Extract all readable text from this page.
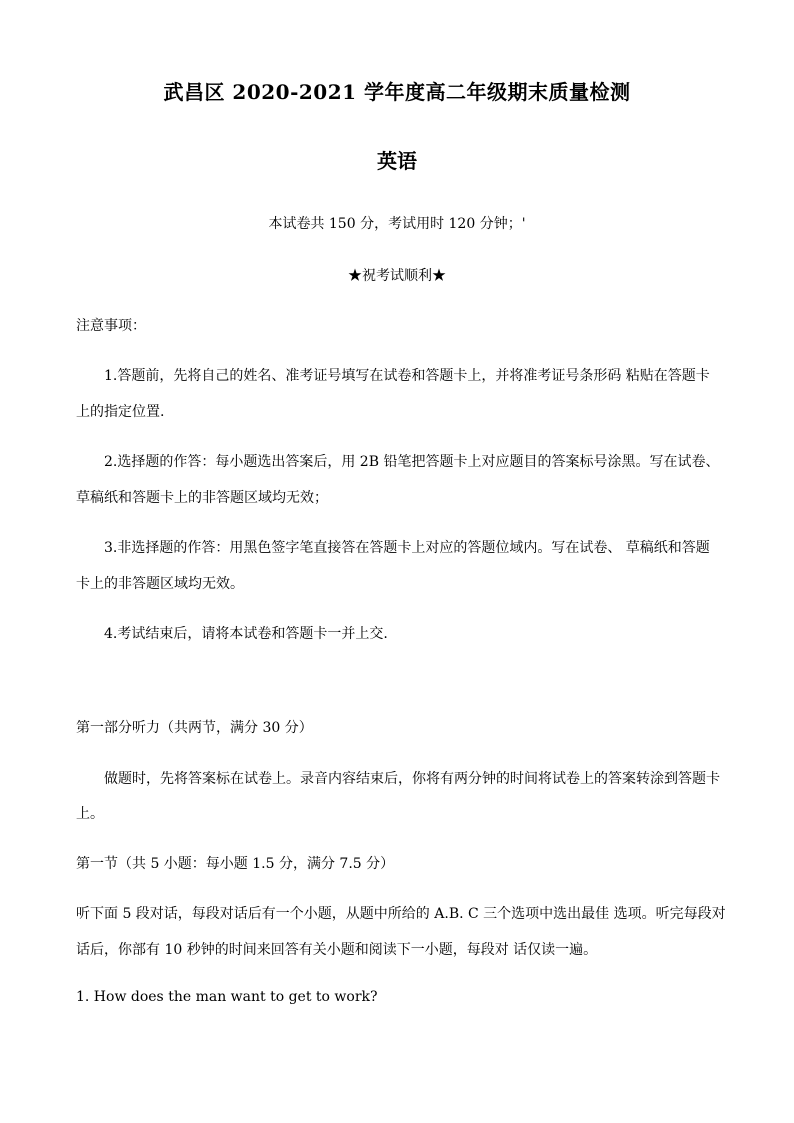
武昌区 2020-2021 学年度高二年级期末质量检测
英语
本试卷共 150 分，考试用时 120 分钟；'
★祝考试顺利★
注意事项：
1.答题前，先将自己的姓名、准考证号填写在试卷和答题卡上，并将准考证号条形码 粘贴在答题卡
上的指定位置.
2.选择题的作答：每小题选出答案后，用 2B 铅笔把答题卡上对应题目的答案标号涂黑。写在试卷、
草稿纸和答题卡上的非答题区域均无效；
3.非选择题的作答：用黑色签字笔直接答在答题卡上对应的答题位域内。写在试卷、 草稿纸和答题
卡上的非答题区域均无效。
4.考试结束后，请将本试卷和答题卡一并上交.
第一部分听力（共两节，满分 30 分）
做题时，先将答案标在试卷上。录音内容结束后，你将有两分钟的时间将试卷上的答案转涂到答题卡
上。
第一节（共 5 小题：每小题 1.5 分，满分 7.5 分）
听下面 5 段对话，每段对话后有一个小题，从题中所给的 A.B. C 三个选项中选出最佳 选项。听完每段对
话后，你部有 10 秒钟的时间来回答有关小题和阅读下一小题，每段对 话仅读一遍。
1. How does the man want to get to work?
